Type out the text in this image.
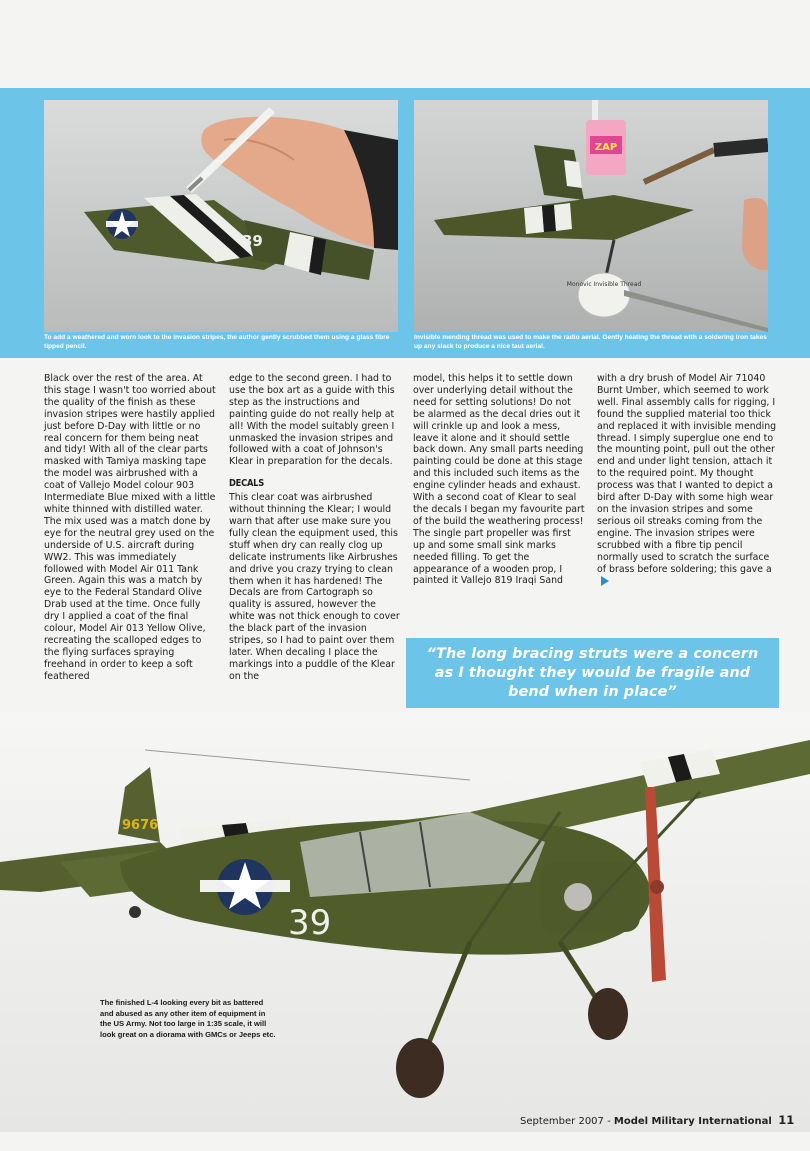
39
ZAP
Monovic Invisible Thread
To add a weathered and worn look to the invasion stripes, the author gently scrubbed them using a glass fibre tipped pencil.
Invisible mending thread was used to make the radio aerial. Gently heating the thread with a soldering iron takes up any slack to produce a nice taut aerial.

Black over the rest of the area. At this stage I wasn't too worried about the quality of the finish as these invasion stripes were hastily applied just before D-Day with little or no real concern for them being neat and tidy! With all of the clear parts masked with Tamiya masking tape the model was airbrushed with a coat of Vallejo Model colour 903 Intermediate Blue mixed with a little white thinned with distilled water. The mix used was a match done by eye for the neutral grey used on the underside of U.S. aircraft during WW2. This was immediately followed with Model Air 011 Tank Green. Again this was a match by eye to the Federal Standard Olive Drab used at the time. Once fully dry I applied a coat of the final colour, Model Air 013 Yellow Olive, recreating the scalloped edges to the flying surfaces spraying freehand in order to keep a soft feathered

edge to the second green. I had to use the box art as a guide with this step as the instructions and painting guide do not really help at all! With the model suitably green I unmasked the invasion stripes and followed with a coat of Johnson's Klear in preparation for the decals.

DECALS

This clear coat was airbrushed without thinning the Klear; I would warn that after use make sure you fully clean the equipment used, this stuff when dry can really clog up delicate instruments like Airbrushes and drive you crazy trying to clean them when it has hardened! The Decals are from Cartograph so quality is assured, however the white was not thick enough to cover the black part of the invasion stripes, so I had to paint over them later. When decaling I place the markings into a puddle of the Klear on the

model, this helps it to settle down over underlying detail without the need for setting solutions! Do not be alarmed as the decal dries out it will crinkle up and look a mess, leave it alone and it should settle back down. Any small parts needing painting could be done at this stage and this included such items as the engine cylinder heads and exhaust. With a second coat of Klear to seal the decals I began my favourite part of the build the weathering process! The single part propeller was first up and some small sink marks needed filling. To get the appearance of a wooden prop, I painted it Vallejo 819 Iraqi Sand

with a dry brush of Model Air 71040 Burnt Umber, which seemed to work well. Final assembly calls for rigging, I found the supplied material too thick and replaced it with invisible mending thread. I simply superglue one end to the mounting point, pull out the other end and under light tension, attach it to the required point. My thought process was that I wanted to depict a bird after D-Day with some high wear on the invasion stripes and some serious oil streaks coming from the engine. The invasion stripes were scrubbed with a fibre tip pencil normally used to scratch the surface of brass before soldering; this gave a

“The long bracing struts were a concern as I thought they would be fragile and bend when in place”
9676
39
The finished L-4 looking every bit as battered and abused as any other item of equipment in the US Army. Not too large in 1:35 scale, it will look great on a diorama with GMCs or Jeeps etc.
September 2007 - Model Military International 11
